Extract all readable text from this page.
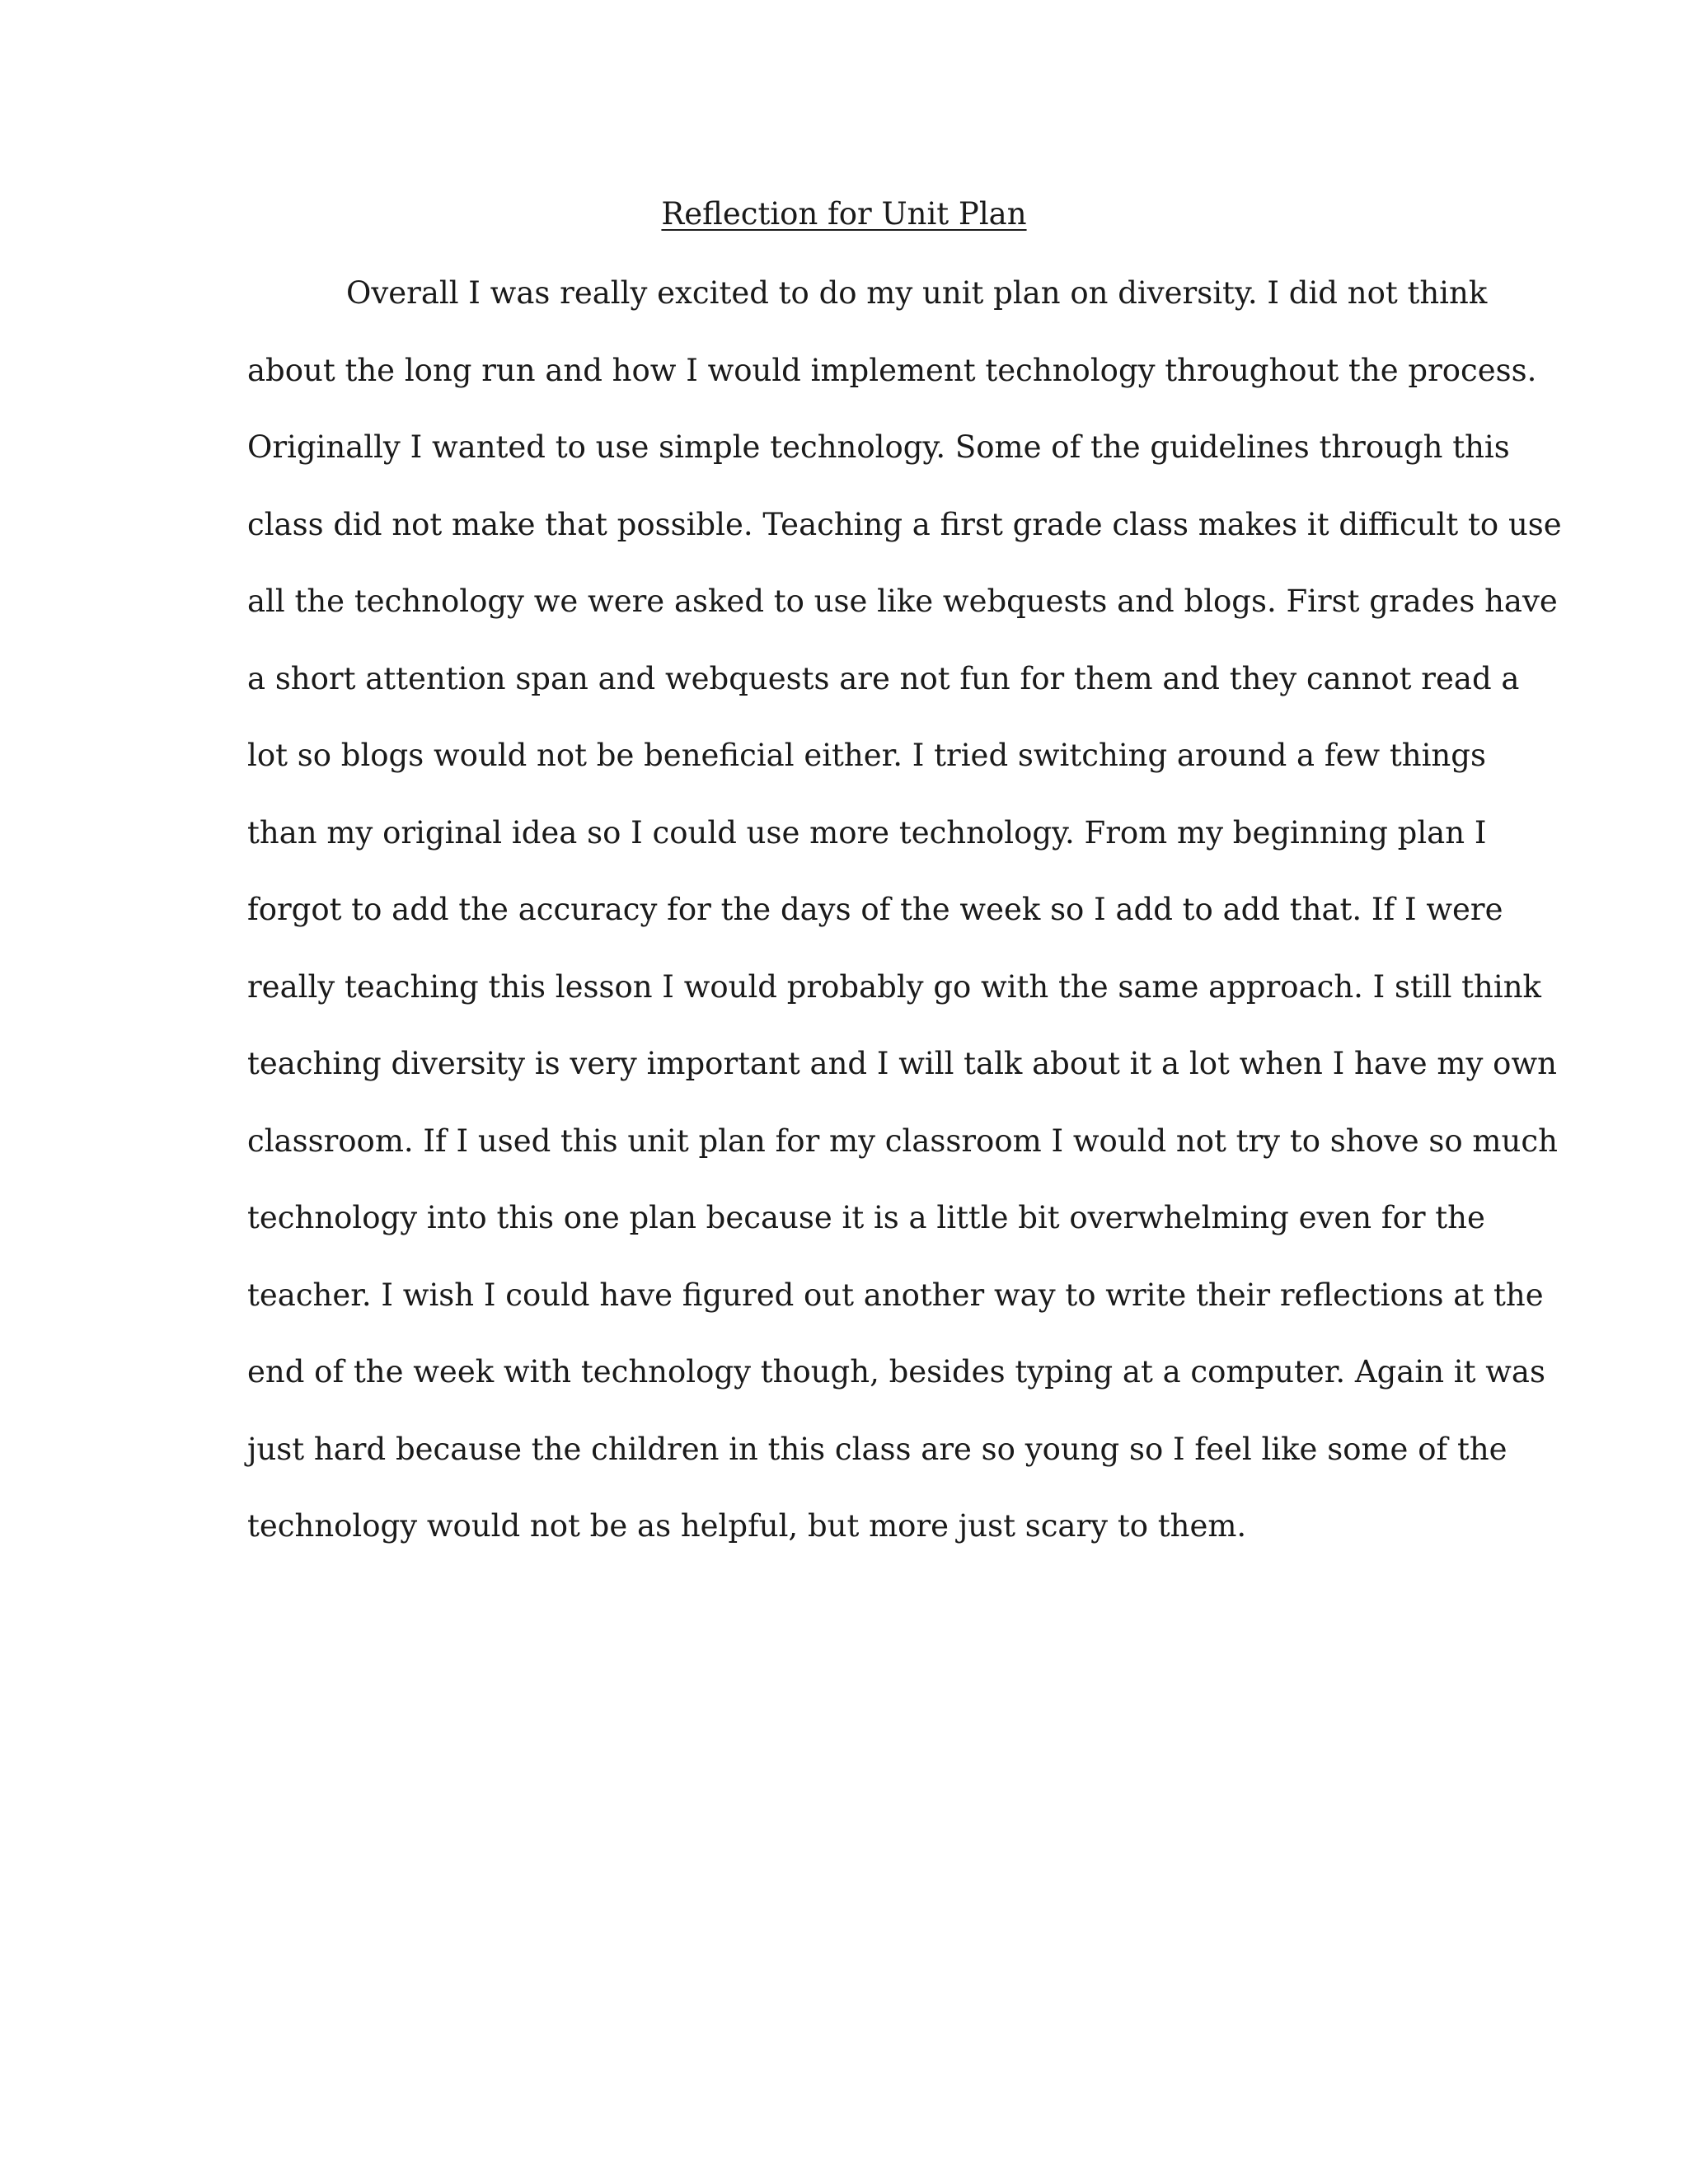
Reflection for Unit Plan
Overall I was really excited to do my unit plan on diversity. I did not think
about the long run and how I would implement technology throughout the process.
Originally I wanted to use simple technology. Some of the guidelines through this
class did not make that possible. Teaching a first grade class makes it difficult to use
all the technology we were asked to use like webquests and blogs. First grades have
a short attention span and webquests are not fun for them and they cannot read a
lot so blogs would not be beneficial either. I tried switching around a few things
than my original idea so I could use more technology. From my beginning plan I
forgot to add the accuracy for the days of the week so I add to add that. If I were
really teaching this lesson I would probably go with the same approach. I still think
teaching diversity is very important and I will talk about it a lot when I have my own
classroom. If I used this unit plan for my classroom I would not try to shove so much
technology into this one plan because it is a little bit overwhelming even for the
teacher. I wish I could have figured out another way to write their reflections at the
end of the week with technology though, besides typing at a computer. Again it was
just hard because the children in this class are so young so I feel like some of the
technology would not be as helpful, but more just scary to them.
